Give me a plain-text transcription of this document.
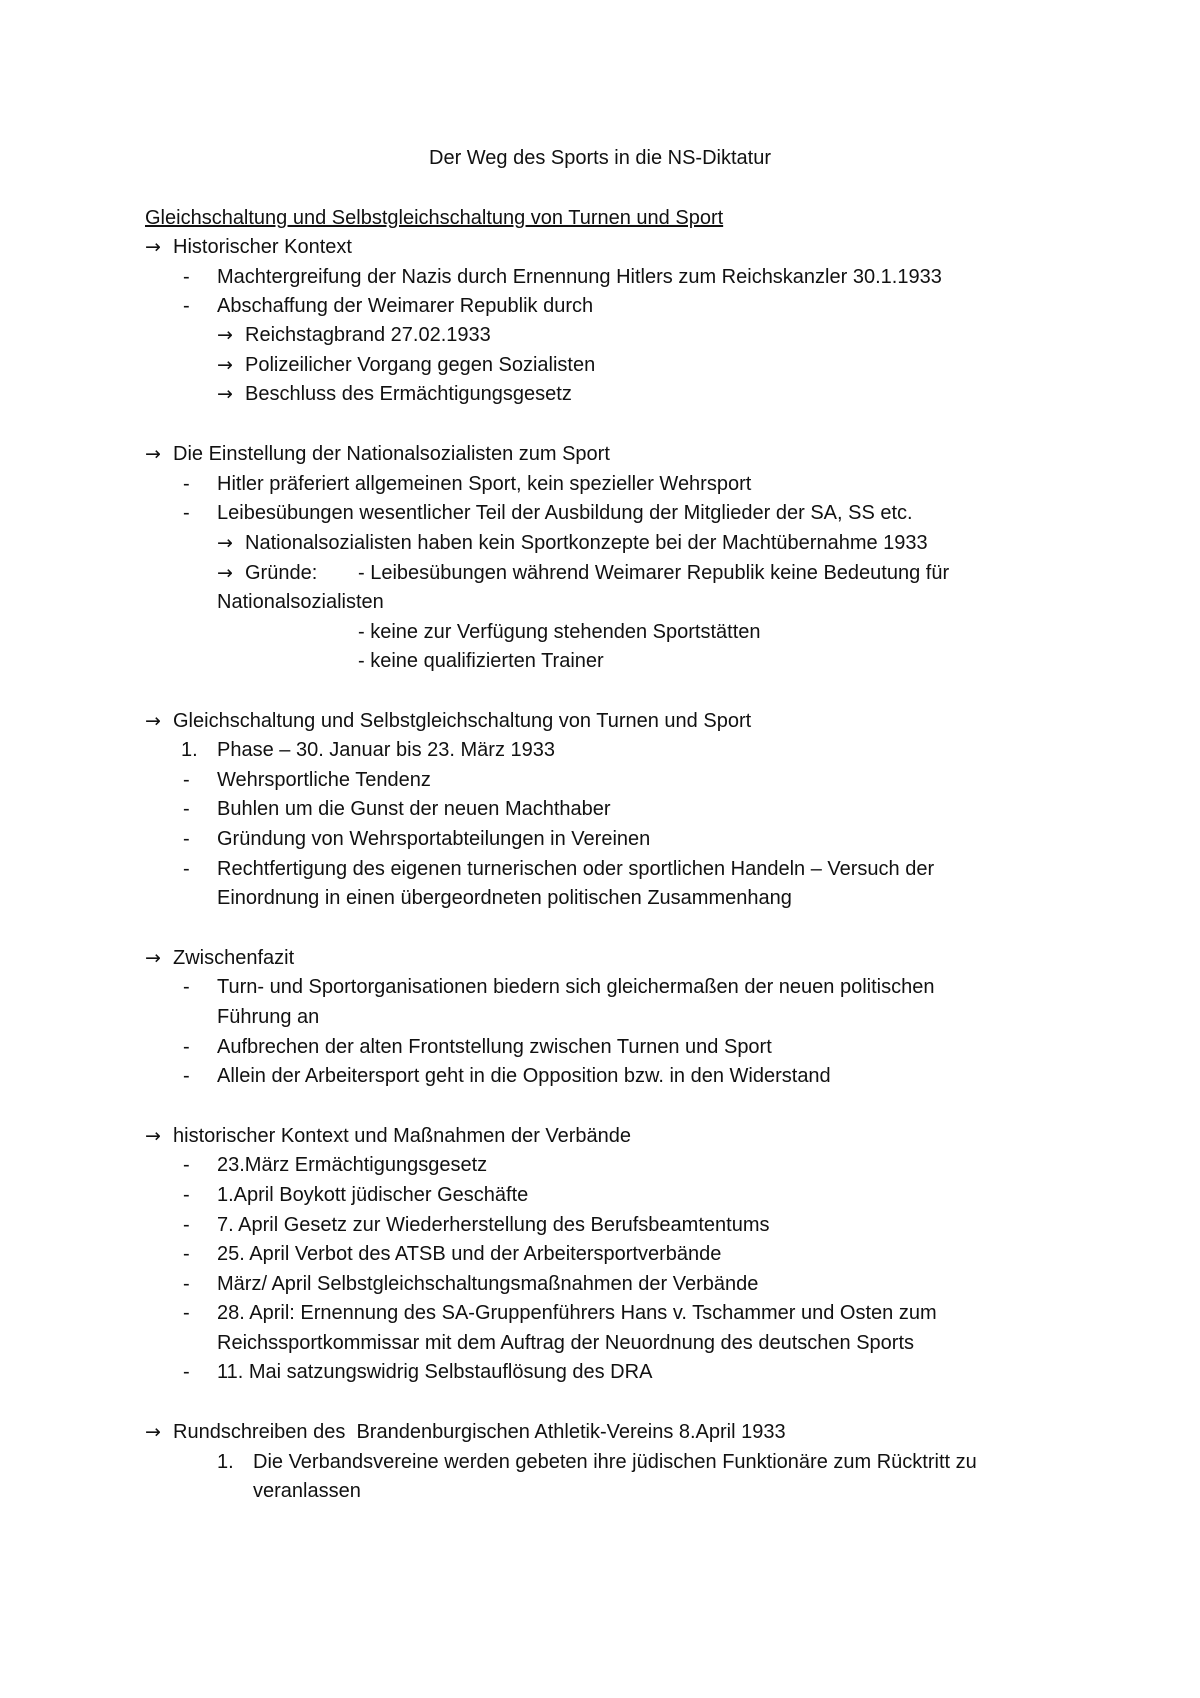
Der Weg des Sports in die NS-Diktatur
Gleichschaltung und Selbstgleichschaltung von Turnen und Sport
→ Historischer Kontext
- Machtergreifung der Nazis durch Ernennung Hitlers zum Reichskanzler 30.1.1933
- Abschaffung der Weimarer Republik durch
→ Reichstagbrand 27.02.1933
→ Polizeilicher Vorgang gegen Sozialisten
→ Beschluss des Ermächtigungsgesetz
→ Die Einstellung der Nationalsozialisten zum Sport
- Hitler präferiert allgemeinen Sport, kein spezieller Wehrsport
- Leibesübungen wesentlicher Teil der Ausbildung der Mitglieder der SA, SS etc.
→ Nationalsozialisten haben kein Sportkonzepte bei der Machtübernahme 1933
→ Gründe: - Leibesübungen während Weimarer Republik keine Bedeutung für
Nationalsozialisten
- keine zur Verfügung stehenden Sportstätten
- keine qualifizierten Trainer
→ Gleichschaltung und Selbstgleichschaltung von Turnen und Sport
1. Phase – 30. Januar bis 23. März 1933
- Wehrsportliche Tendenz
- Buhlen um die Gunst der neuen Machthaber
- Gründung von Wehrsportabteilungen in Vereinen
- Rechtfertigung des eigenen turnerischen oder sportlichen Handeln – Versuch der
Einordnung in einen übergeordneten politischen Zusammenhang
→ Zwischenfazit
- Turn- und Sportorganisationen biedern sich gleichermaßen der neuen politischen
Führung an
- Aufbrechen der alten Frontstellung zwischen Turnen und Sport
- Allein der Arbeitersport geht in die Opposition bzw. in den Widerstand
→ historischer Kontext und Maßnahmen der Verbände
- 23.März Ermächtigungsgesetz
- 1.April Boykott jüdischer Geschäfte
- 7. April Gesetz zur Wiederherstellung des Berufsbeamtentums
- 25. April Verbot des ATSB und der Arbeitersportverbände
- März/ April Selbstgleichschaltungsmaßnahmen der Verbände
- 28. April: Ernennung des SA-Gruppenführers Hans v. Tschammer und Osten zum
Reichssportkommissar mit dem Auftrag der Neuordnung des deutschen Sports
- 11. Mai satzungswidrig Selbstauflösung des DRA
→ Rundschreiben des  Brandenburgischen Athletik-Vereins 8.April 1933
1. Die Verbandsvereine werden gebeten ihre jüdischen Funktionäre zum Rücktritt zu
veranlassen
